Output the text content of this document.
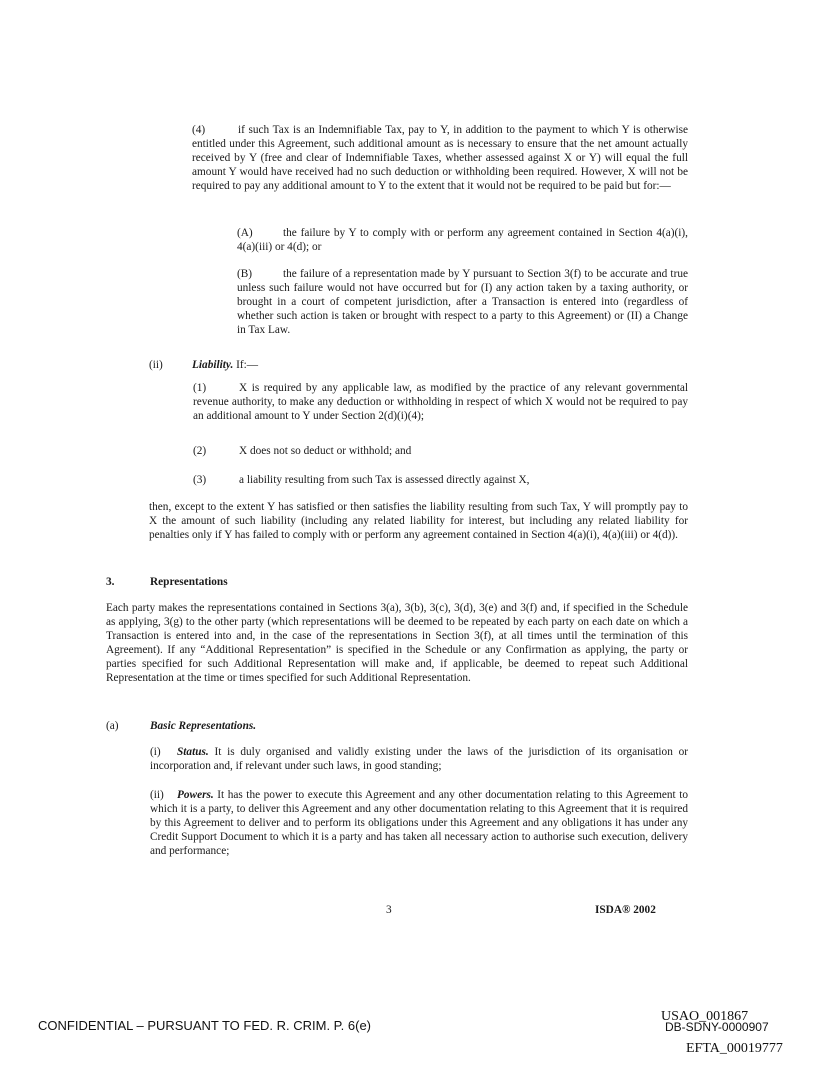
(4)	if such Tax is an Indemnifiable Tax, pay to Y, in addition to the payment to which Y is otherwise entitled under this Agreement, such additional amount as is necessary to ensure that the net amount actually received by Y (free and clear of Indemnifiable Taxes, whether assessed against X or Y) will equal the full amount Y would have received had no such deduction or withholding been required. However, X will not be required to pay any additional amount to Y to the extent that it would not be required to be paid but for:—

(A)	the failure by Y to comply with or perform any agreement contained in Section 4(a)(i), 4(a)(iii) or 4(d); or

(B)	the failure of a representation made by Y pursuant to Section 3(f) to be accurate and true unless such failure would not have occurred but for (I) any action taken by a taxing authority, or brought in a court of competent jurisdiction, after a Transaction is entered into (regardless of whether such action is taken or brought with respect to a party to this Agreement) or (II) a Change in Tax Law.

(ii)	Liability. If:—

(1)	X is required by any applicable law, as modified by the practice of any relevant governmental revenue authority, to make any deduction or withholding in respect of which X would not be required to pay an additional amount to Y under Section 2(d)(i)(4);

(2)	X does not so deduct or withhold; and

(3)	a liability resulting from such Tax is assessed directly against X,

then, except to the extent Y has satisfied or then satisfies the liability resulting from such Tax, Y will promptly pay to X the amount of such liability (including any related liability for interest, but including any related liability for penalties only if Y has failed to comply with or perform any agreement contained in Section 4(a)(i), 4(a)(iii) or 4(d)).

3.	Representations

Each party makes the representations contained in Sections 3(a), 3(b), 3(c), 3(d), 3(e) and 3(f) and, if specified in the Schedule as applying, 3(g) to the other party (which representations will be deemed to be repeated by each party on each date on which a Transaction is entered into and, in the case of the representations in Section 3(f), at all times until the termination of this Agreement). If any “Additional Representation” is specified in the Schedule or any Confirmation as applying, the party or parties specified for such Additional Representation will make and, if applicable, be deemed to repeat such Additional Representation at the time or times specified for such Additional Representation.

(a)	Basic Representations.

(i) Status. It is duly organised and validly existing under the laws of the jurisdiction of its organisation or incorporation and, if relevant under such laws, in good standing;

(ii) Powers. It has the power to execute this Agreement and any other documentation relating to this Agreement to which it is a party, to deliver this Agreement and any other documentation relating to this Agreement that it is required by this Agreement to deliver and to perform its obligations under this Agreement and any obligations it has under any Credit Support Document to which it is a party and has taken all necessary action to authorise such execution, delivery and performance;

3	ISDA® 2002
CONFIDENTIAL – PURSUANT TO FED. R. CRIM. P. 6(e)
USAO_001867
DB-SDNY-0000907
EFTA_00019777
